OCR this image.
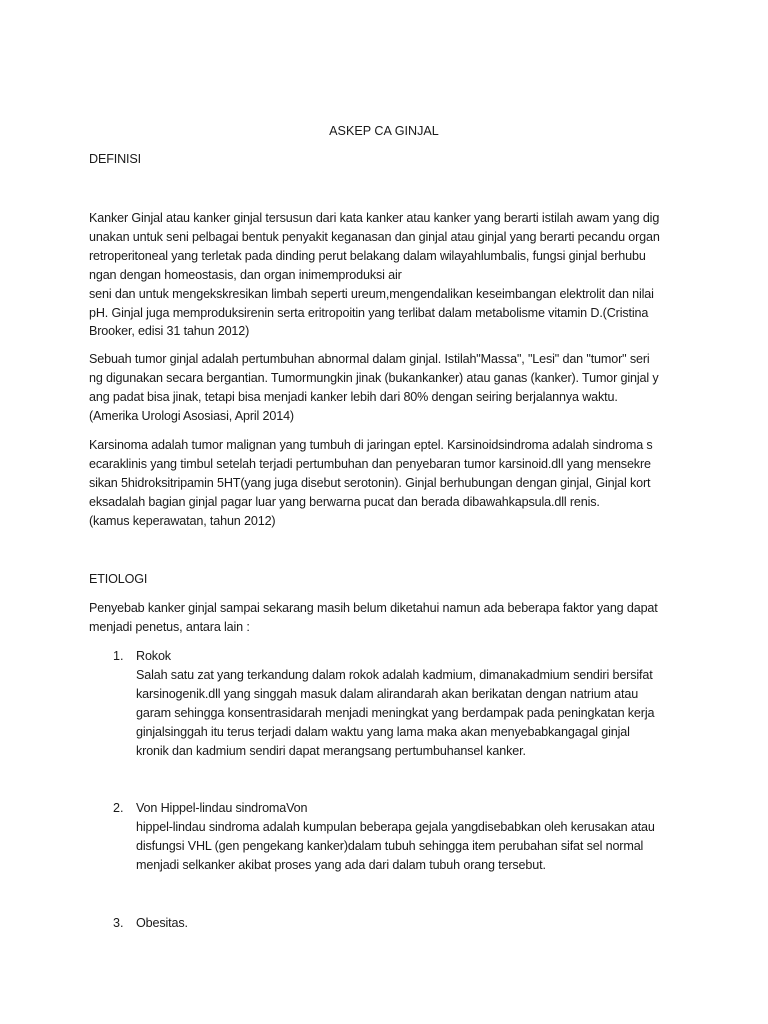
ASKEP CA GINJAL
DEFINISI
Kanker Ginjal atau kanker ginjal tersusun dari kata kanker atau kanker yang berarti istilah awam yang dig
unakan untuk seni pelbagai bentuk penyakit keganasan dan ginjal atau ginjal yang berarti pecandu organ
retroperitoneal yang terletak pada dinding perut belakang dalam wilayahlumbalis, fungsi ginjal berhubu
ngan dengan homeostasis, dan organ inimemproduksi air
seni dan untuk mengekskresikan limbah seperti ureum,mengendalikan keseimbangan elektrolit dan nilai
pH. Ginjal juga memproduksirenin serta eritropoitin yang terlibat dalam metabolisme vitamin D.(Cristina
Brooker, edisi 31 tahun 2012)
Sebuah tumor ginjal adalah pertumbuhan abnormal dalam ginjal. Istilah"Massa", "Lesi" dan "tumor" seri
ng digunakan secara bergantian. Tumormungkin jinak (bukankanker) atau ganas (kanker). Tumor ginjal y
ang padat bisa jinak, tetapi bisa menjadi kanker lebih dari 80% dengan seiring berjalannya waktu.
(Amerika Urologi Asosiasi, April 2014)
Karsinoma adalah tumor malignan yang tumbuh di jaringan eptel. Karsinoidsindroma adalah sindroma s
ecaraklinis yang timbul setelah terjadi pertumbuhan dan penyebaran tumor karsinoid.dll yang mensekre
sikan 5hidroksitripamin 5HT(yang juga disebut serotonin). Ginjal berhubungan dengan ginjal, Ginjal kort
eksadalah bagian ginjal pagar luar yang berwarna pucat dan berada dibawahkapsula.dll renis.
(kamus keperawatan, tahun 2012)
ETIOLOGI
Penyebab kanker ginjal sampai sekarang masih belum diketahui namun ada beberapa faktor yang dapat
menjadi penetus, antara lain :
1. Rokok
Salah satu zat yang terkandung dalam rokok adalah kadmium, dimanakadmium sendiri bersifat
karsinogenik.dll yang singgah masuk dalam alirandarah akan berikatan dengan natrium atau
garam sehingga konsentrasidarah menjadi meningkat yang berdampak pada peningkatan kerja
ginjalsinggah itu terus terjadi dalam waktu yang lama maka akan menyebabkangagal ginjal
kronik dan kadmium sendiri dapat merangsang pertumbuhansel kanker.
2. Von Hippel-lindau sindromaVon
hippel-lindau sindroma adalah kumpulan beberapa gejala yangdisebabkan oleh kerusakan atau
disfungsi VHL (gen pengekang kanker)dalam tubuh sehingga item perubahan sifat sel normal
menjadi selkanker akibat proses yang ada dari dalam tubuh orang tersebut.
3. Obesitas.
